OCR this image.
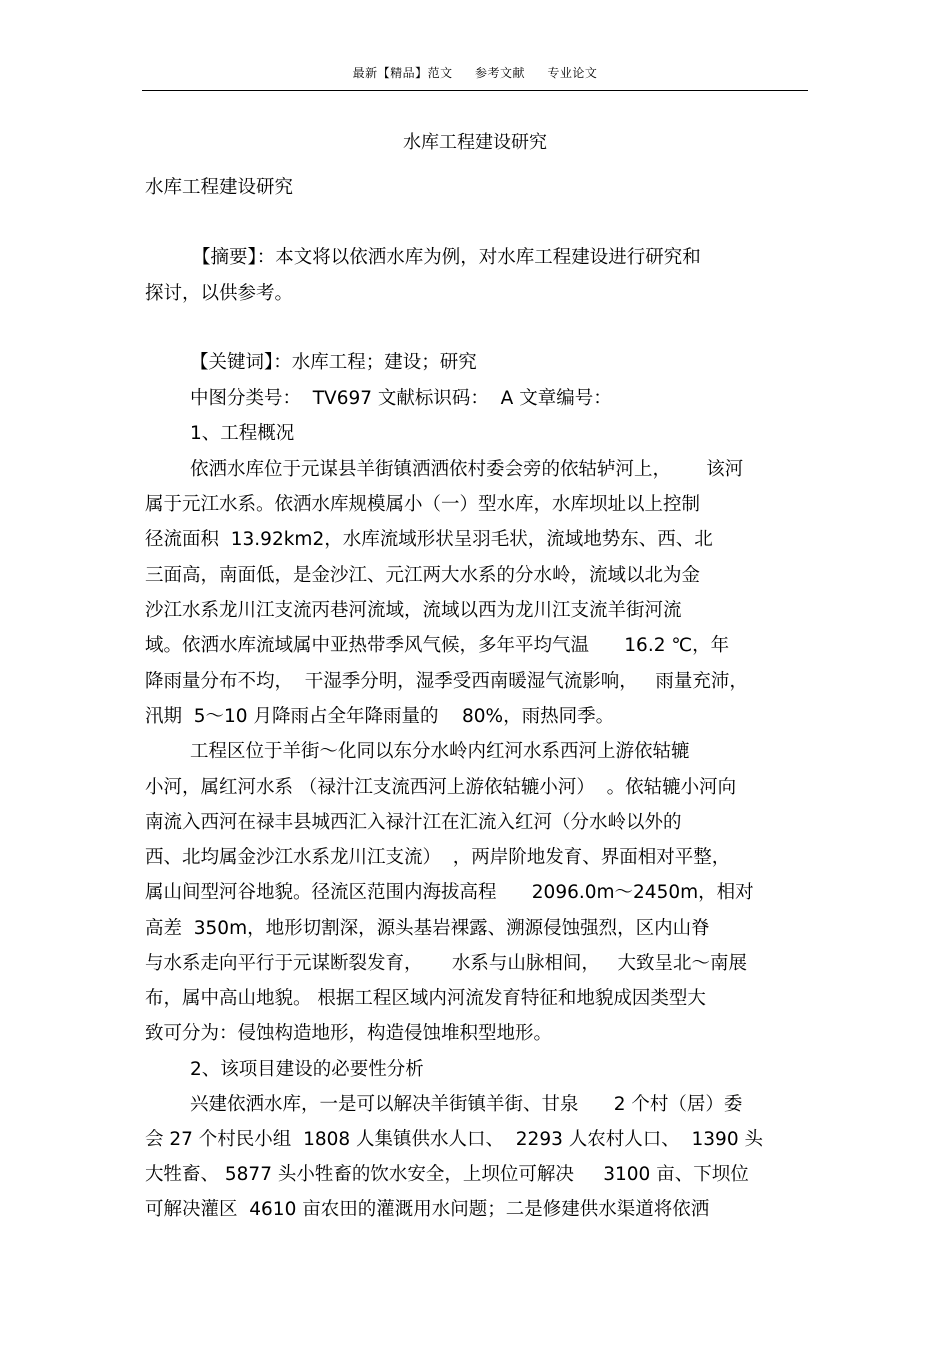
最新【精品】范文 参考文献 专业论文
水库工程建设研究
水库工程建设研究
【摘要】：本文将以依洒水库为例，对水库工程建设进行研究和
探讨，以供参考。
【关键词】：水库工程；建设；研究
中图分类号：  TV697 文献标识码：  A 文章编号：
1、工程概况
依洒水库位于元谋县羊街镇洒洒依村委会旁的依轱轳河上，      该河
属于元江水系。依洒水库规模属小（一）型水库，水库坝址以上控制
径流面积  13.92km2，水库流域形状呈羽毛状，流域地势东、西、北
三面高，南面低，是金沙江、元江两大水系的分水岭，流域以北为金
沙江水系龙川江支流丙巷河流域，流域以西为龙川江支流羊街河流
域。依洒水库流域属中亚热带季风气候，多年平均气温      16.2 ℃，年
降雨量分布不均，  干湿季分明，湿季受西南暖湿气流影响，   雨量充沛，
汛期  5～10 月降雨占全年降雨量的    80%，雨热同季。
工程区位于羊街～化同以东分水岭内红河水系西河上游依轱辘
小河，属红河水系 （禄汁江支流西河上游依轱辘小河）  。依轱辘小河向
南流入西河在禄丰县城西汇入禄汁江在汇流入红河（分水岭以外的
西、北均属金沙江水系龙川江支流）  ，两岸阶地发育、界面相对平整，
属山间型河谷地貌。径流区范围内海拔高程      2096.0m～2450m，相对
高差  350m，地形切割深，源头基岩裸露、溯源侵蚀强烈，区内山脊
与水系走向平行于元谋断裂发育，     水系与山脉相间，   大致呈北～南展
布，属中高山地貌。 根据工程区域内河流发育特征和地貌成因类型大
致可分为：侵蚀构造地形，构造侵蚀堆积型地形。
2、该项目建设的必要性分析
兴建依洒水库，一是可以解决羊街镇羊街、甘泉      2 个村（居）委
会 27 个村民小组  1808 人集镇供水人口、  2293 人农村人口、  1390 头
大牲畜、 5877 头小牲畜的饮水安全，上坝位可解决     3100 亩、下坝位
可解决灌区  4610 亩农田的灌溉用水问题；二是修建供水渠道将依洒
